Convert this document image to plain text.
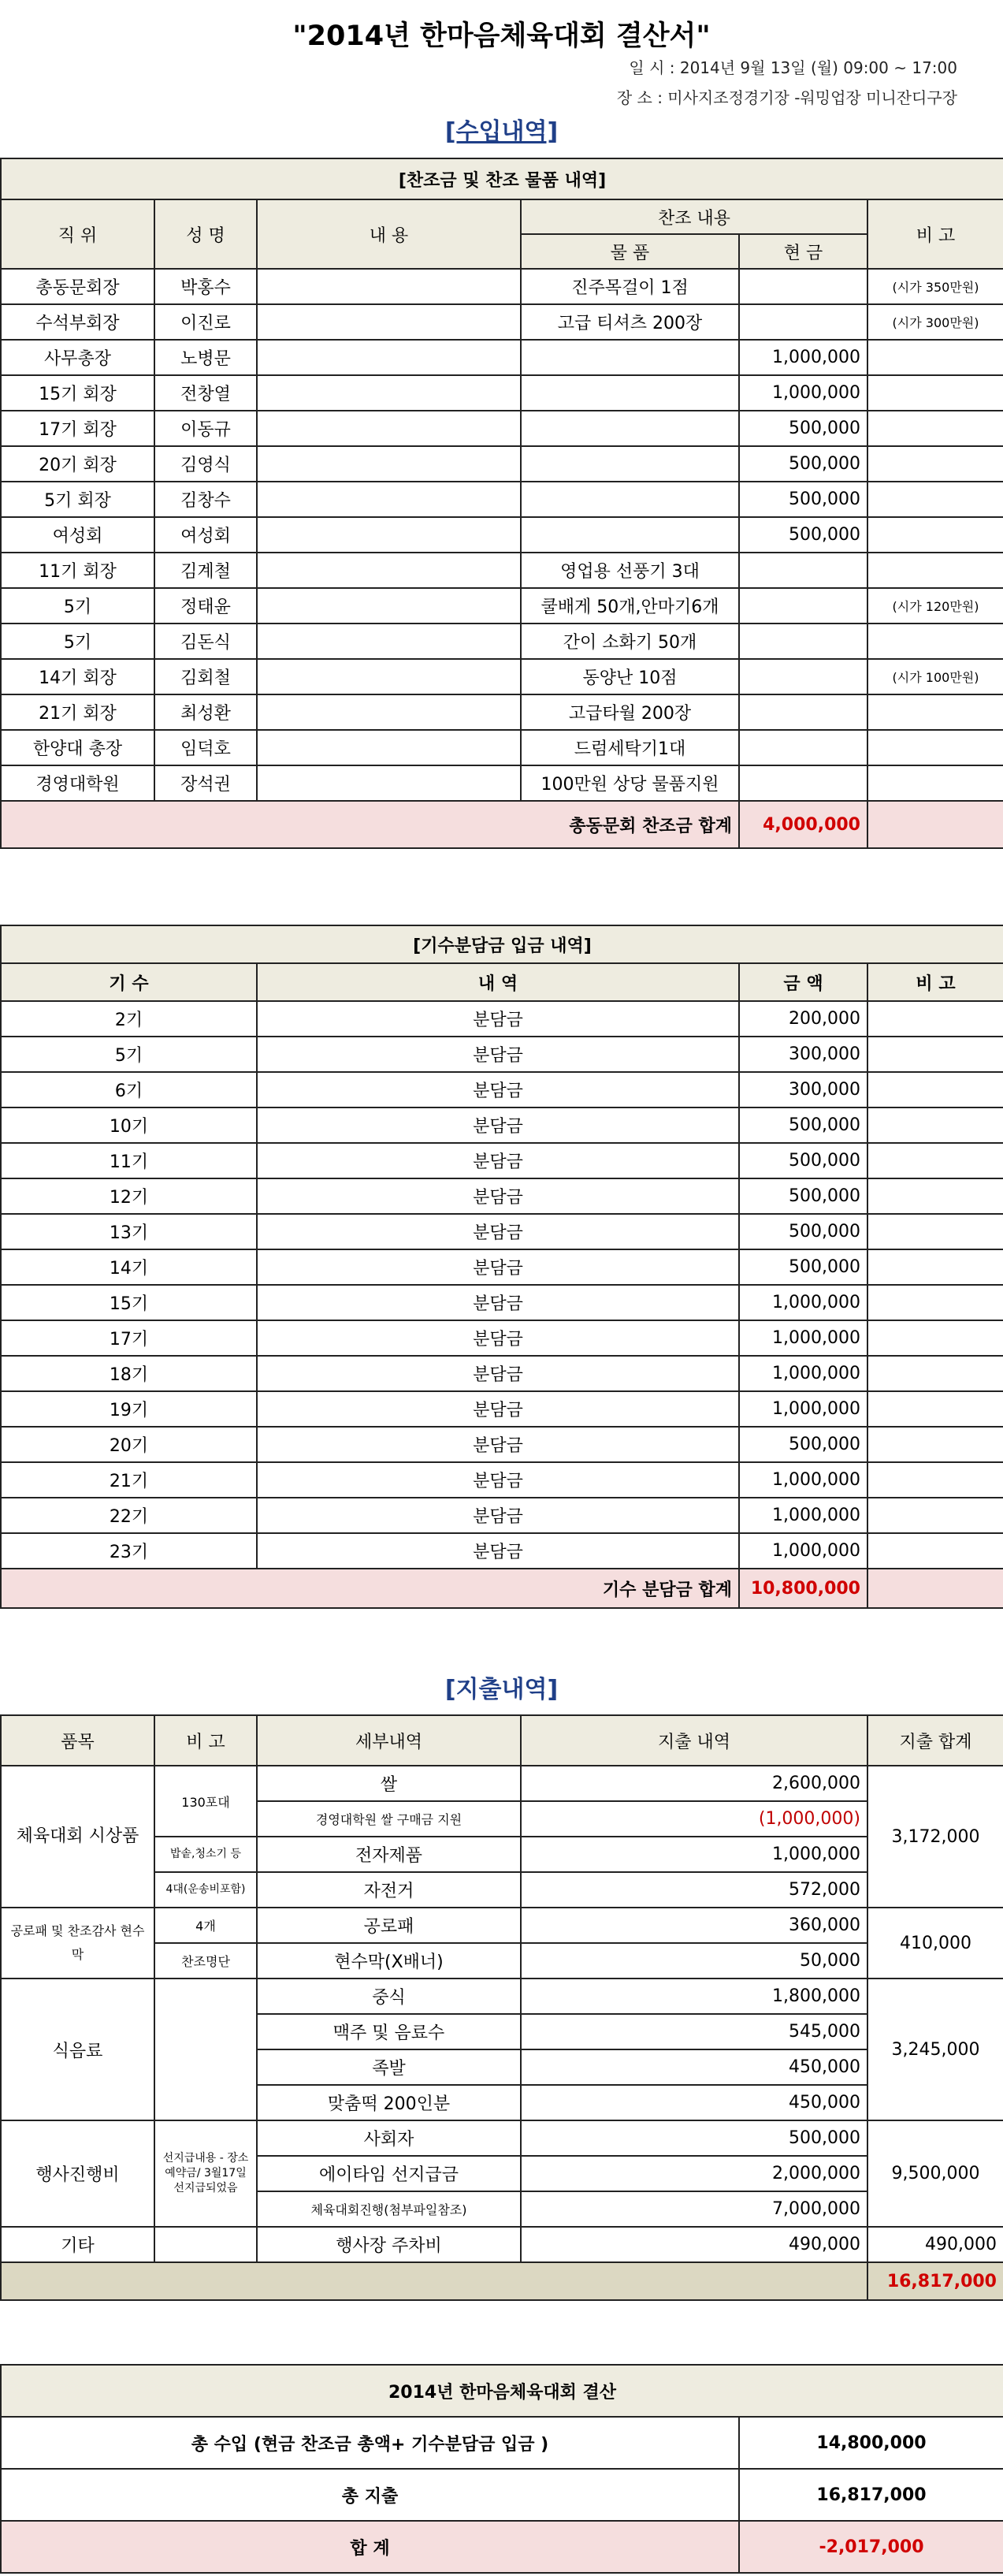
"2014년 한마음체육대회 결산서"
일 시 : 2014년 9월 13일 (월) 09:00 ~ 17:00
장 소 : 미사지조정경기장 -워밍업장 미니잔디구장
[수입내역]
[찬조금 및 찬조 물품 내역]					
직 위	성 명	내 용	찬조 내용		비 고
			물 품	현 금	
총동문회장	박홍수		진주목걸이 1점		(시가 350만원)
수석부회장	이진로		고급 티셔츠 200장		(시가 300만원)
사무총장	노병문			1,000,000	
15기 회장	전창열			1,000,000	
17기 회장	이동규			500,000	
20기 회장	김영식			500,000	
5기 회장	김창수			500,000	
여성회	여성회			500,000	
11기 회장	김계철		영업용 선풍기 3대		
5기	정태윤		쿨배게 50개,안마기6개		(시가 120만원)
5기	김돈식		간이 소화기 50개		
14기 회장	김회철		동양난 10점		(시가 100만원)
21기 회장	최성환		고급타월 200장		
한양대 총장	임덕호		드럼세탁기1대		
경영대학원	장석권		100만원 상당 물품지원		
총동문회 찬조금 합계				4,000,000	
[기수분담금 입금 내역]			
기 수	내 역	금 액	비 고
2기	분담금	200,000	
5기	분담금	300,000	
6기	분담금	300,000	
10기	분담금	500,000	
11기	분담금	500,000	
12기	분담금	500,000	
13기	분담금	500,000	
14기	분담금	500,000	
15기	분담금	1,000,000	
17기	분담금	1,000,000	
18기	분담금	1,000,000	
19기	분담금	1,000,000	
20기	분담금	500,000	
21기	분담금	1,000,000	
22기	분담금	1,000,000	
23기	분담금	1,000,000	
기수 분담금 합계		10,800,000	
[지출내역]
품목	비 고	세부내역	지출 내역	지출 합계
체육대회 시상품	130포대	쌀	2,600,000	3,172,000
		경영대학원 쌀 구매금 지원	(1,000,000)	
	밥솥,청소기 등	전자제품	1,000,000	
	4대(운송비포함)	자전거	572,000	
공로패 및 찬조감사 현수막	4개	공로패	360,000	410,000
	찬조명단	현수막(X배너)	50,000	
식음료		중식	1,800,000	3,245,000
		맥주 및 음료수	545,000	
		족발	450,000	
		맞춤떡 200인분	450,000	
행사진행비	선지급내용 - 장소 예약금/ 3월17일 선지급되었음	사회자	500,000	9,500,000
		에이타임 선지급금	2,000,000	
		체육대회진행(첨부파일참조)	7,000,000	
기타		행사장 주차비	490,000	490,000
				16,817,000
2014년 한마음체육대회 결산	
총 수입 (현금 찬조금 총액+ 기수분담금 입금 )	14,800,000
총 지출	16,817,000
합 계	-2,017,000
